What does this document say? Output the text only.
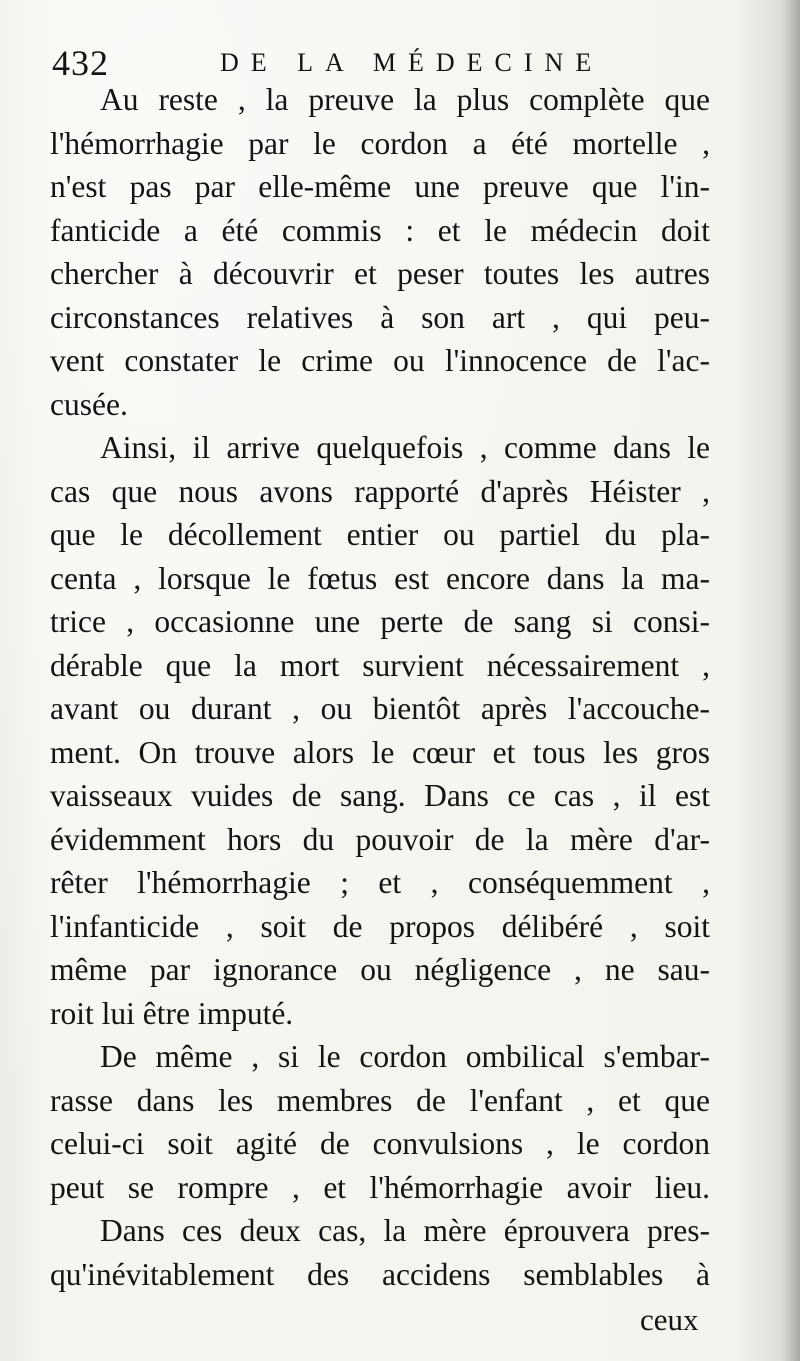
432	DE LA MÉDECINE
Au reste , la preuve la plus complète que
l'hémorrhagie par le cordon a été mortelle ,
n'est pas par elle-même une preuve que l'in-
fanticide a été commis : et le médecin doit
chercher à découvrir et peser toutes les autres
circonstances relatives à son art , qui peu-
vent constater le crime ou l'innocence de l'ac-
cusée.
Ainsi, il arrive quelquefois , comme dans le
cas que nous avons rapporté d'après Héister ,
que le décollement entier ou partiel du pla-
centa , lorsque le fœtus est encore dans la ma-
trice , occasionne une perte de sang si consi-
dérable que la mort survient nécessairement ,
avant ou durant , ou bientôt après l'accouche-
ment. On trouve alors le cœur et tous les gros
vaisseaux vuides de sang. Dans ce cas , il est
évidemment hors du pouvoir de la mère d'ar-
rêter l'hémorrhagie ; et , conséquemment ,
l'infanticide , soit de propos délibéré , soit
même par ignorance ou négligence , ne sau-
roit lui être imputé.
De même , si le cordon ombilical s'embar-
rasse dans les membres de l'enfant , et que
celui-ci soit agité de convulsions , le cordon
peut se rompre , et l'hémorrhagie avoir lieu.
Dans ces deux cas, la mère éprouvera pres-
qu'inévitablement des accidens semblables à
ceux
